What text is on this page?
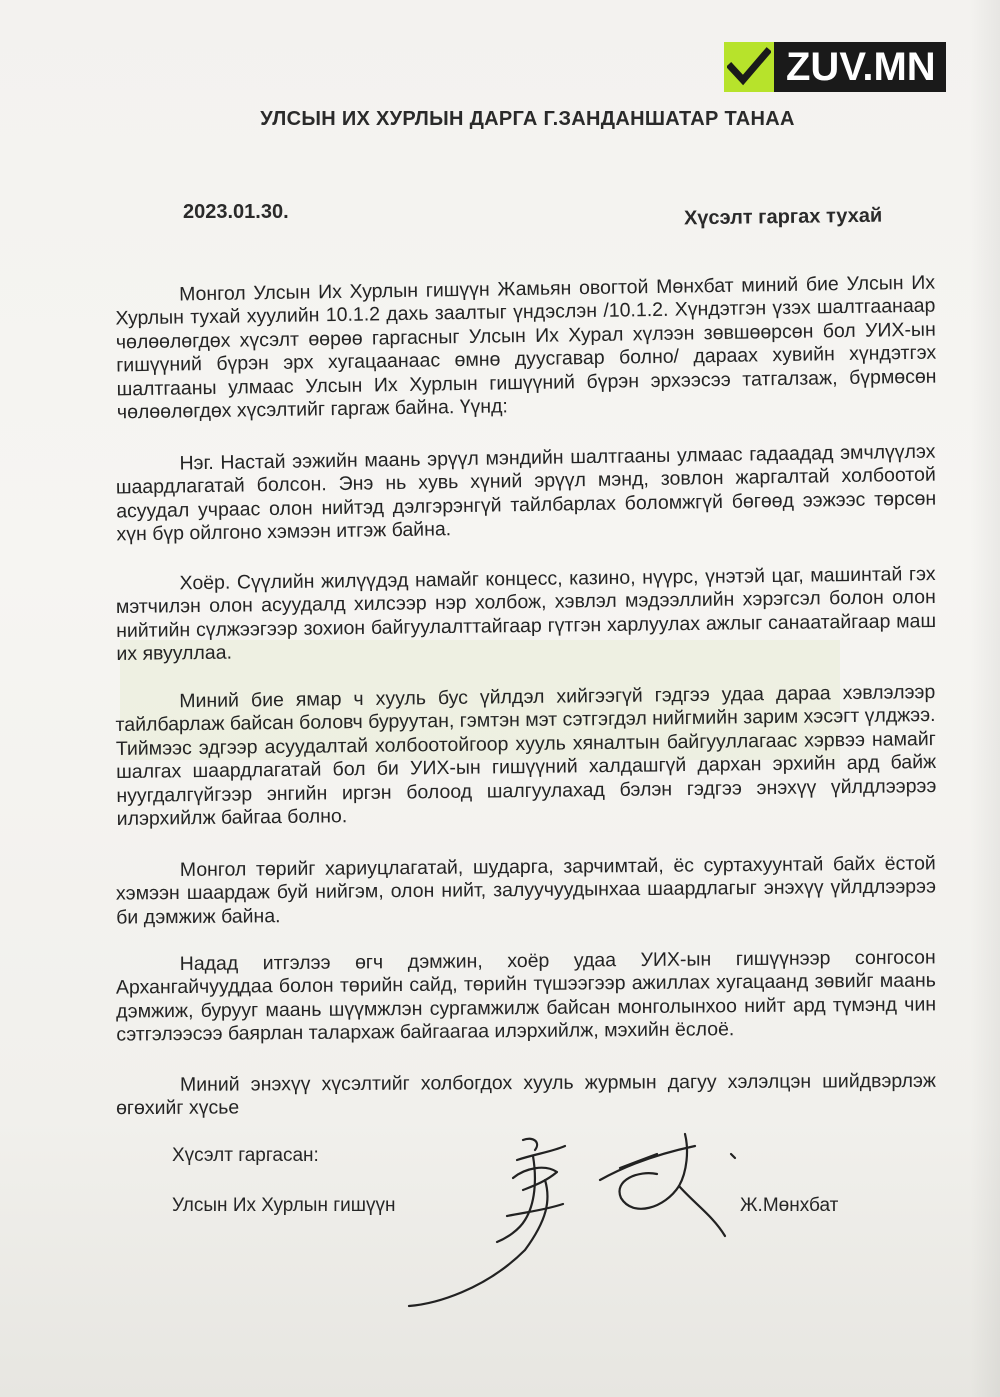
ZUV.MN
УЛСЫН ИХ ХУРЛЫН ДАРГА Г.ЗАНДАНШАТАР ТАНАА
2023.01.30.	Хүсэлт гаргах тухай

Монгол Улсын Их Хурлын гишүүн Жамьян овогтой Мөнхбат миний бие Улсын Их Хурлын тухай хуулийн 10.1.2 дахь заалтыг үндэслэн /10.1.2. Хүндэтгэн үзэх шалтгаанаар чөлөөлөгдөх хүсэлт өөрөө гаргасныг Улсын Их Хурал хүлээн зөвшөөрсөн бол УИХ-ын гишүүний бүрэн эрх хугацаанаас өмнө дуусгавар болно/ дараах хувийн хүндэтгэх шалтгааны улмаас Улсын Их Хурлын гишүүний бүрэн эрхээсээ татгалзаж, бүрмөсөн чөлөөлөгдөх хүсэлтийг гаргаж байна. Үүнд:

Нэг. Настай ээжийн маань эрүүл мэндийн шалтгааны улмаас гадаадад эмчлүүлэх шаардлагатай болсон. Энэ нь хувь хүний эрүүл мэнд, зовлон жаргалтай холбоотой асуудал учраас олон нийтэд дэлгэрэнгүй тайлбарлах боломжгүй бөгөөд ээжээс төрсөн хүн бүр ойлгоно хэмээн итгэж байна.

Хоёр. Сүүлийн жилүүдэд намайг концесс, казино, нүүрс, үнэтэй цаг, машинтай гэх мэтчилэн олон асуудалд хилсээр нэр холбож, хэвлэл мэдээллийн хэрэгсэл болон олон нийтийн сүлжээгээр зохион байгуулалттайгаар гүтгэн харлуулах ажлыг санаатайгаар маш их явууллаа.

Миний бие ямар ч хууль бус үйлдэл хийгээгүй гэдгээ удаа дараа хэвлэлээр тайлбарлаж байсан боловч буруутан, гэмтэн мэт сэтгэгдэл нийгмийн зарим хэсэгт үлджээ. Тиймээс эдгээр асуудалтай холбоотойгоор хууль хяналтын байгууллагаас хэрвээ намайг шалгах шаардлагатай бол би УИХ-ын гишүүний халдашгүй дархан эрхийн ард байж нуугдалгүйгээр энгийн иргэн болоод шалгуулахад бэлэн гэдгээ энэхүү үйлдлээрээ илэрхийлж байгаа болно.

Монгол төрийг хариуцлагатай, шударга, зарчимтай, ёс суртахуунтай байх ёстой хэмээн шаардаж буй нийгэм, олон нийт, залуучуудынхаа шаардлагыг энэхүү үйлдлээрээ би дэмжиж байна.

Надад итгэлээ өгч дэмжин, хоёр удаа УИХ-ын гишүүнээр сонгосон Архангайчууддаа болон төрийн сайд, төрийн түшээгээр ажиллах хугацаанд зөвийг маань дэмжиж, бурууг маань шүүмжлэн сургамжилж байсан монголынхоо нийт ард түмэнд чин сэтгэлээсээ баярлан талархаж байгаагаа илэрхийлж, мэхийн ёслоё.

Миний энэхүү хүсэлтийг холбогдох хууль журмын дагуу хэлэлцэн шийдвэрлэж өгөхийг хүсье

Хүсэлт гаргасан:
Улсын Их Хурлын гишүүн	Ж.Мөнхбат
